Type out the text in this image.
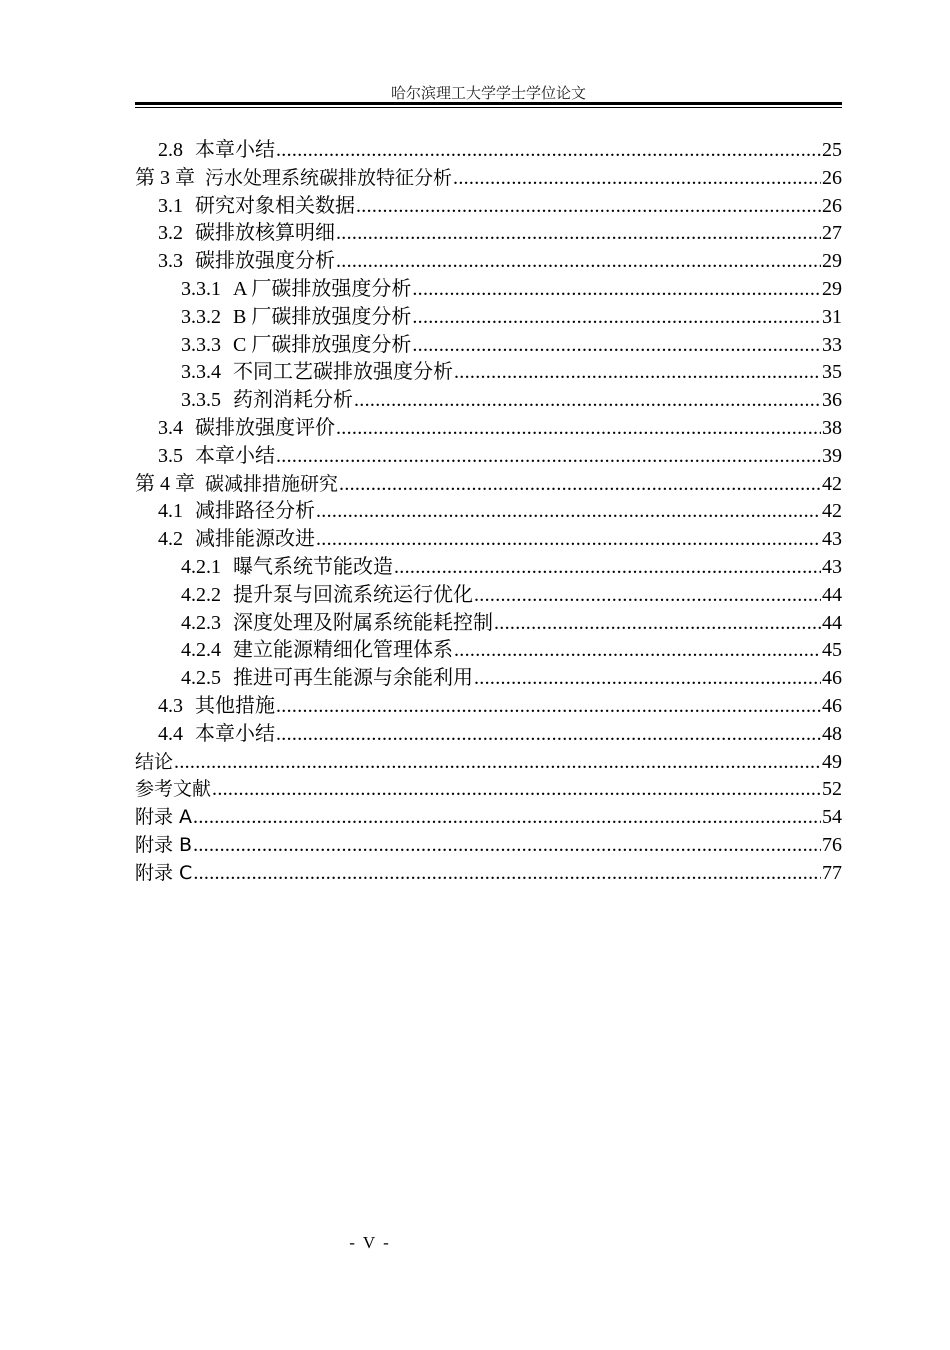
哈尔滨理工大学学士学位论文
2.8 本章小结 .....	25
第 3 章 污水处理系统碳排放特征分析 .....	26
3.1 研究对象相关数据 .....	26
3.2 碳排放核算明细 .....	27
3.3 碳排放强度分析 .....	29
3.3.1 A 厂碳排放强度分析 .....	29
3.3.2 B 厂碳排放强度分析 .....	31
3.3.3 C 厂碳排放强度分析 .....	33
3.3.4 不同工艺碳排放强度分析 .....	35
3.3.5 药剂消耗分析 .....	36
3.4 碳排放强度评价 .....	38
3.5 本章小结 .....	39
第 4 章 碳减排措施研究 .....	42
4.1 减排路径分析 .....	42
4.2 减排能源改进 .....	43
4.2.1 曝气系统节能改造 .....	43
4.2.2 提升泵与回流系统运行优化 .....	44
4.2.3 深度处理及附属系统能耗控制 .....	44
4.2.4 建立能源精细化管理体系 .....	45
4.2.5 推进可再生能源与余能利用 .....	46
4.3 其他措施 .....	46
4.4 本章小结 .....	48
结论 .....	49
参考文献 .....	52
附录 A .....	54
附录 B .....	76
附录 C .....	77
- V -
